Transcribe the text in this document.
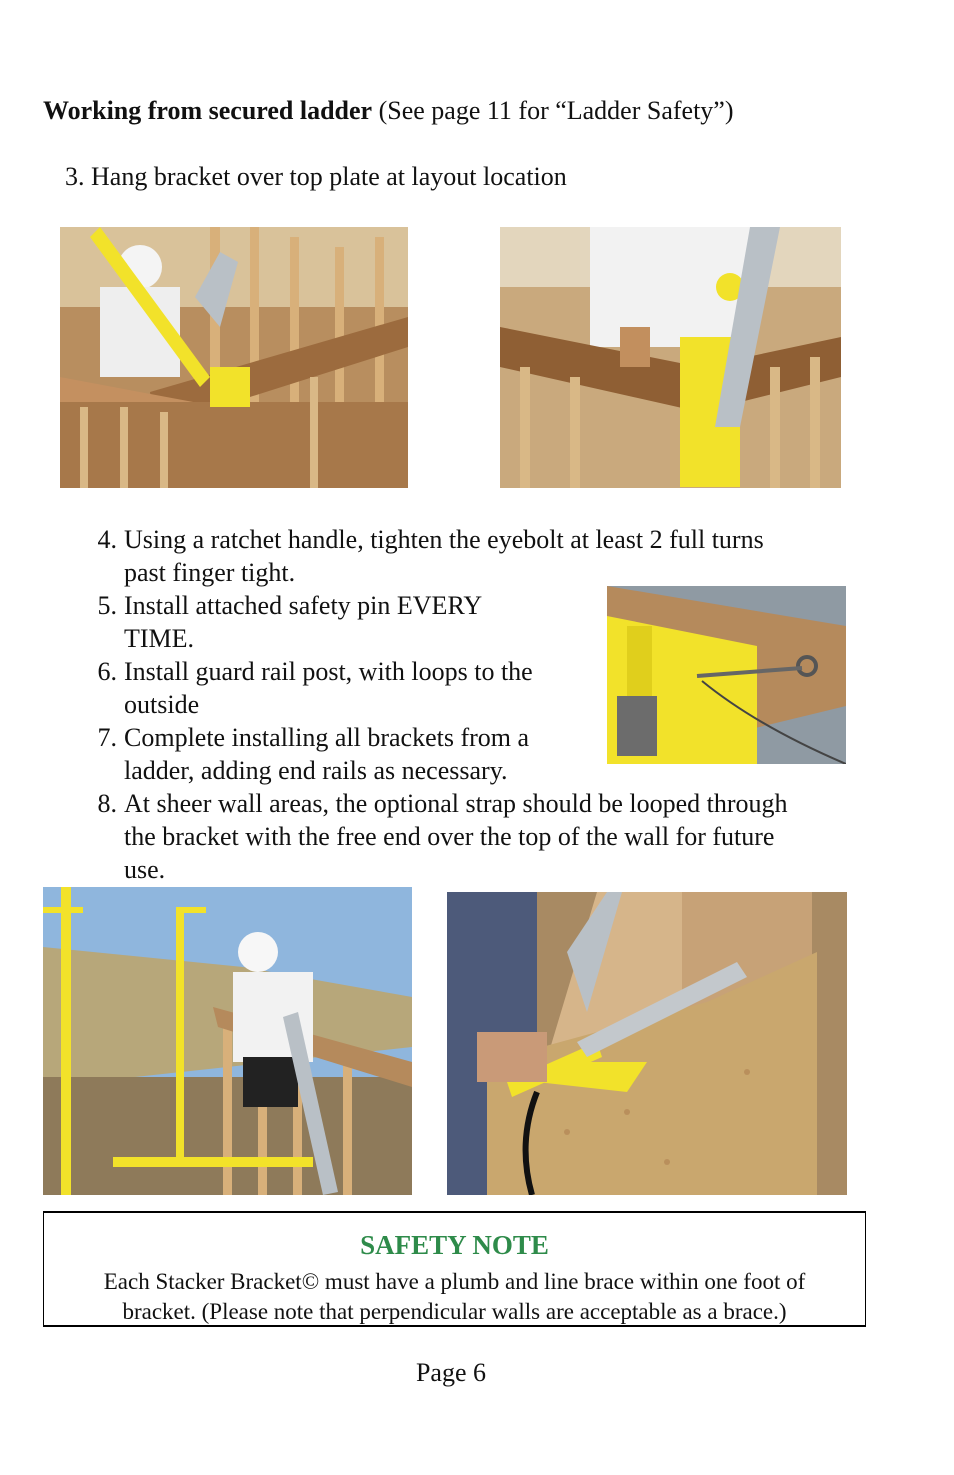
Working from secured ladder (See page 11 for “Ladder Safety”)
3. Hang bracket over top plate at layout location
4. Using a ratchet handle, tighten the eyebolt at least 2 full turns
past finger tight.
5. Install attached safety pin EVERY
TIME.
6. Install guard rail post, with loops to the
outside
7. Complete installing all brackets from a
ladder, adding end rails as necessary.
8. At sheer wall areas, the optional strap should be looped through
the bracket with the free end over the top of the wall for future
use.
SAFETY NOTE
Each Stacker Bracket© must have a plumb and line brace within one foot of
bracket. (Please note that perpendicular walls are acceptable as a brace.)
Page 6
